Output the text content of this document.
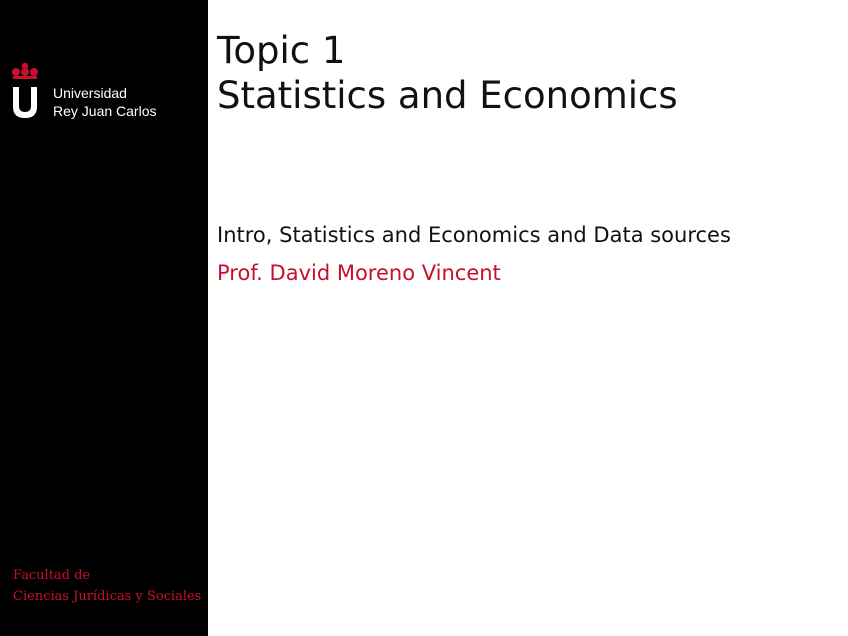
Universidad
Rey Juan Carlos
Facultad de
Ciencias Jurídicas y Sociales
Topic 1
Statistics and Economics
Intro, Statistics and Economics and Data sources
Prof. David Moreno Vincent
